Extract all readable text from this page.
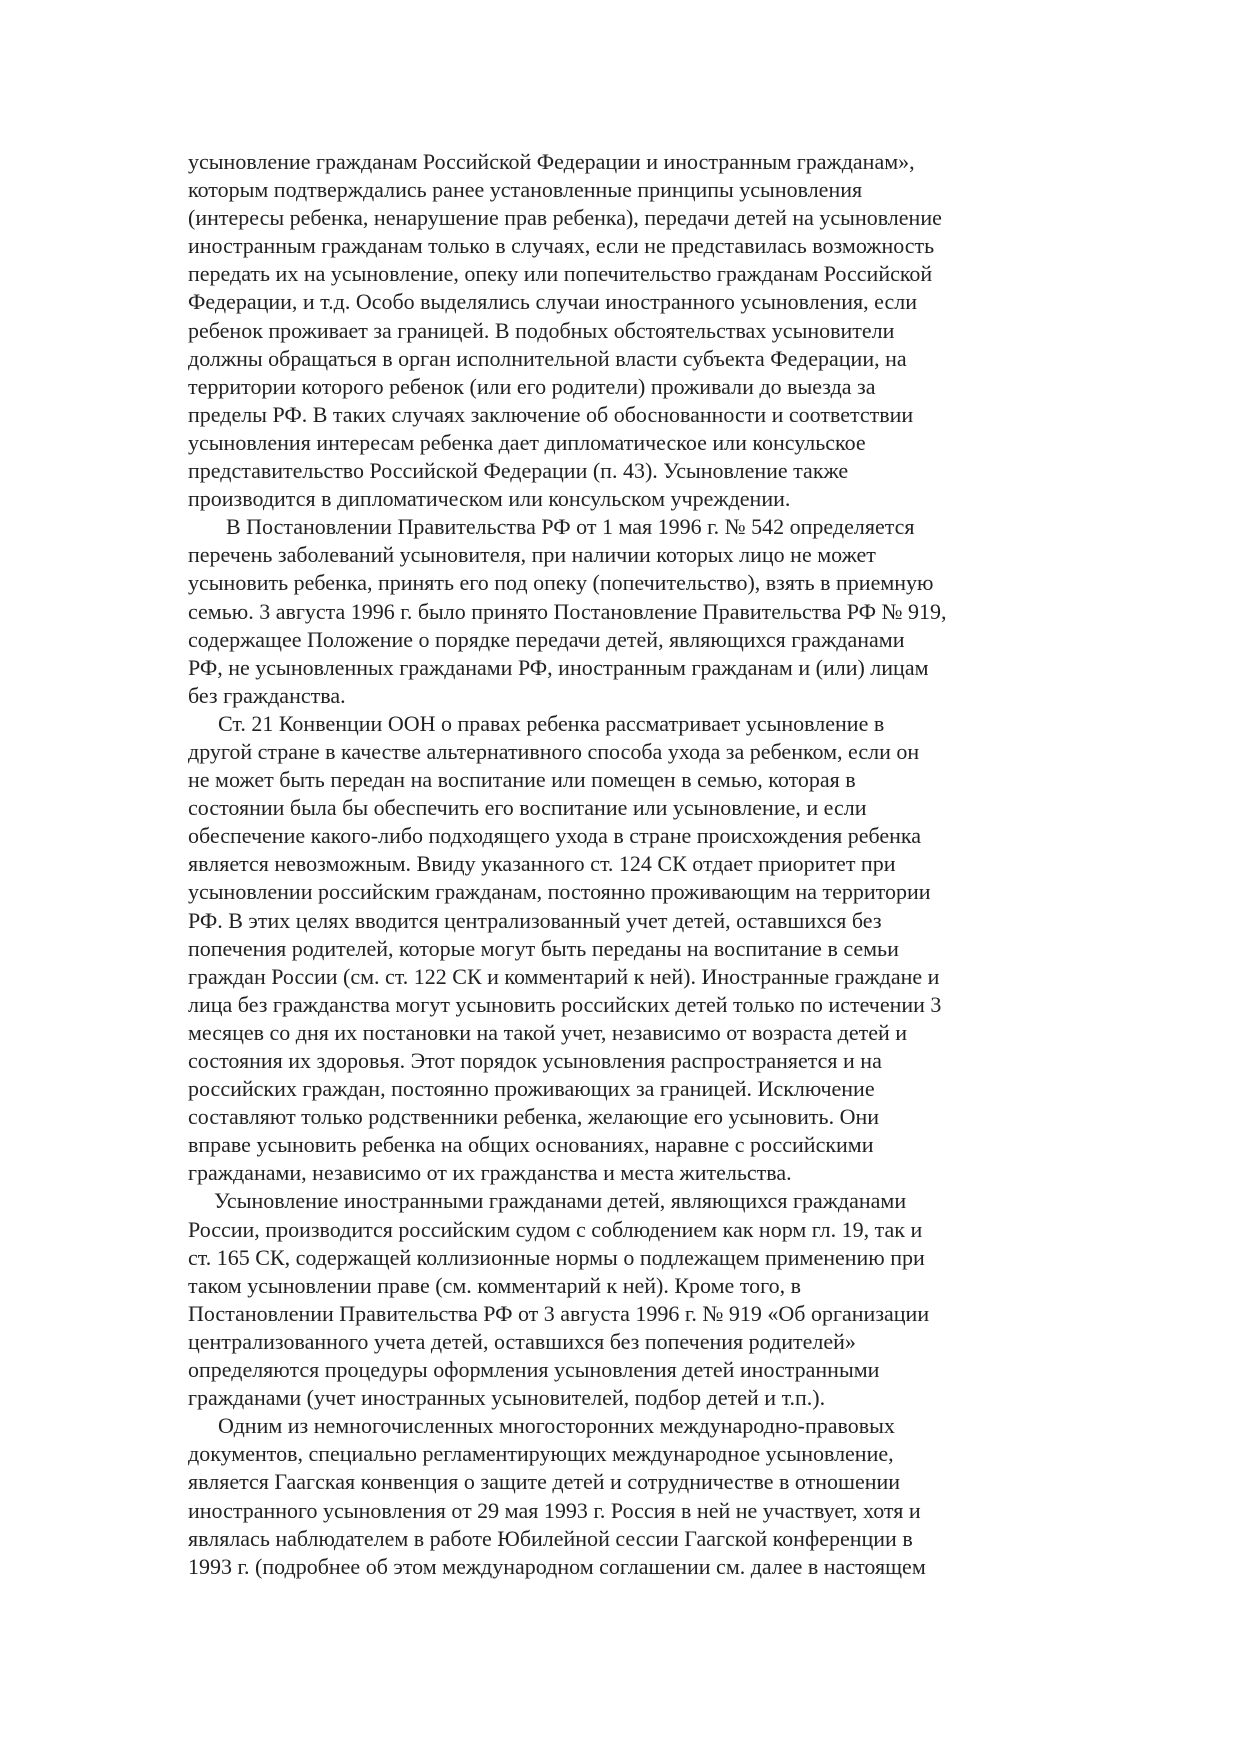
усыновление гражданам Российской Федерации и иностранным гражданам»,
которым подтверждались ранее установленные принципы усыновления
(интересы ребенка, ненарушение прав ребенка), передачи детей на усыновление
иностранным гражданам только в случаях, если не представилась возможность
передать их на усыновление, опеку или попечительство гражданам Российской
Федерации, и т.д. Особо выделялись случаи иностранного усыновления, если
ребенок проживает за границей. В подобных обстоятельствах усыновители
должны обращаться в орган исполнительной власти субъекта Федерации, на
территории которого ребенок (или его родители) проживали до выезда за
пределы РФ. В таких случаях заключение об обоснованности и соответствии
усыновления интересам ребенка дает дипломатическое или консульское
представительство Российской Федерации (п. 43). Усыновление также
производится в дипломатическом или консульском учреждении.
В Постановлении Правительства РФ от 1 мая 1996 г. № 542 определяется
перечень заболеваний усыновителя, при наличии которых лицо не может
усыновить ребенка, принять его под опеку (попечительство), взять в приемную
семью. 3 августа 1996 г. было принято Постановление Правительства РФ № 919,
содержащее Положение о порядке передачи детей, являющихся гражданами
РФ, не усыновленных гражданами РФ, иностранным гражданам и (или) лицам
без гражданства.
Ст. 21 Конвенции ООН о правах ребенка рассматривает усыновление в
другой стране в качестве альтернативного способа ухода за ребенком, если он
не может быть передан на воспитание или помещен в семью, которая в
состоянии была бы обеспечить его воспитание или усыновление, и если
обеспечение какого-либо подходящего ухода в стране происхождения ребенка
является невозможным. Ввиду указанного ст. 124 СК отдает приоритет при
усыновлении российским гражданам, постоянно проживающим на территории
РФ. В этих целях вводится централизованный учет детей, оставшихся без
попечения родителей, которые могут быть переданы на воспитание в семьи
граждан России (см. ст. 122 СК и комментарий к ней). Иностранные граждане и
лица без гражданства могут усыновить российских детей только по истечении 3
месяцев со дня их постановки на такой учет, независимо от возраста детей и
состояния их здоровья. Этот порядок усыновления распространяется и на
российских граждан, постоянно проживающих за границей. Исключение
составляют только родственники ребенка, желающие его усыновить. Они
вправе усыновить ребенка на общих основаниях, наравне с российскими
гражданами, независимо от их гражданства и места жительства.
Усыновление иностранными гражданами детей, являющихся гражданами
России, производится российским судом с соблюдением как норм гл. 19, так и
ст. 165 СК, содержащей коллизионные нормы о подлежащем применению при
таком усыновлении праве (см. комментарий к ней). Кроме того, в
Постановлении Правительства РФ от 3 августа 1996 г. № 919 «Об организации
централизованного учета детей, оставшихся без попечения родителей»
определяются процедуры оформления усыновления детей иностранными
гражданами (учет иностранных усыновителей, подбор детей и т.п.).
Одним из немногочисленных многосторонних международно-правовых
документов, специально регламентирующих международное усыновление,
является Гаагская конвенция о защите детей и сотрудничестве в отношении
иностранного усыновления от 29 мая 1993 г. Россия в ней не участвует, хотя и
являлась наблюдателем в работе Юбилейной сессии Гаагской конференции в
1993 г. (подробнее об этом международном соглашении см. далее в настоящем
